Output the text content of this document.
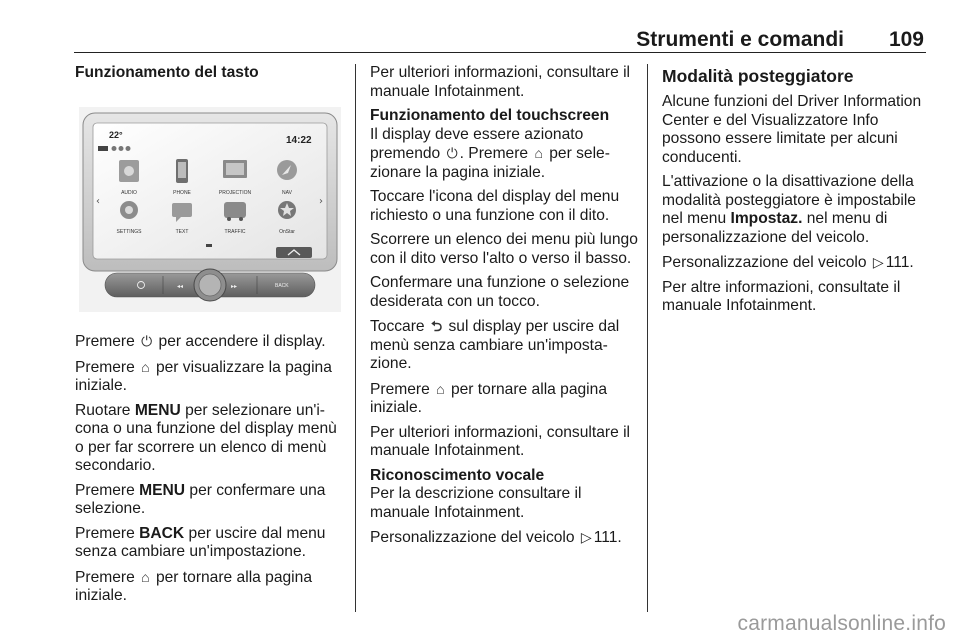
Strumenti e comandi 109
Funzionamento del tasto
22°	14:22
‹	›
AUDIO	PHONE	PROJECTION	NAV
SETTINGS	TEXT	TRAFFIC	OnStar
◂◂	▸▸	BACK

Premere ⏻ per accendere il display.

Premere ⌂ per visualizzare la pagina iniziale.

Ruotare MENU per selezionare un'i-cona o una funzione del display menù o per far scorrere un elenco di menù secondario.

Premere MENU per confermare una selezione.

Premere BACK per uscire dal menu senza cambiare un'impostazione.

Premere ⌂ per tornare alla pagina iniziale.

Per ulteriori informazioni, consultare il manuale Infotainment.

Funzionamento del touchscreen
Il display deve essere azionato premendo ⏻ . Premere ⌂ per sele-zionare la pagina iniziale.

Toccare l'icona del display del menu richiesto o una funzione con il dito.

Scorrere un elenco dei menu più lungo con il dito verso l'alto o verso il basso.

Confermare una funzione o selezione desiderata con un tocco.

Toccare ⮌ sul display per uscire dal menù senza cambiare un'imposta-zione.

Premere ⌂ per tornare alla pagina iniziale.

Per ulteriori informazioni, consultare il manuale Infotainment.

Riconoscimento vocale
Per la descrizione consultare il manuale Infotainment.

Personalizzazione del veicolo ▷ 111.

Modalità posteggiatore

Alcune funzioni del Driver Information Center e del Visualizzatore Info possono essere limitate per alcuni conducenti.

L'attivazione o la disattivazione della modalità posteggiatore è impostabile nel menu Impostaz. nel menu di personalizzazione del veicolo.

Personalizzazione del veicolo ▷ 111.

Per altre informazioni, consultate il manuale Infotainment.

carmanualsonline.info
